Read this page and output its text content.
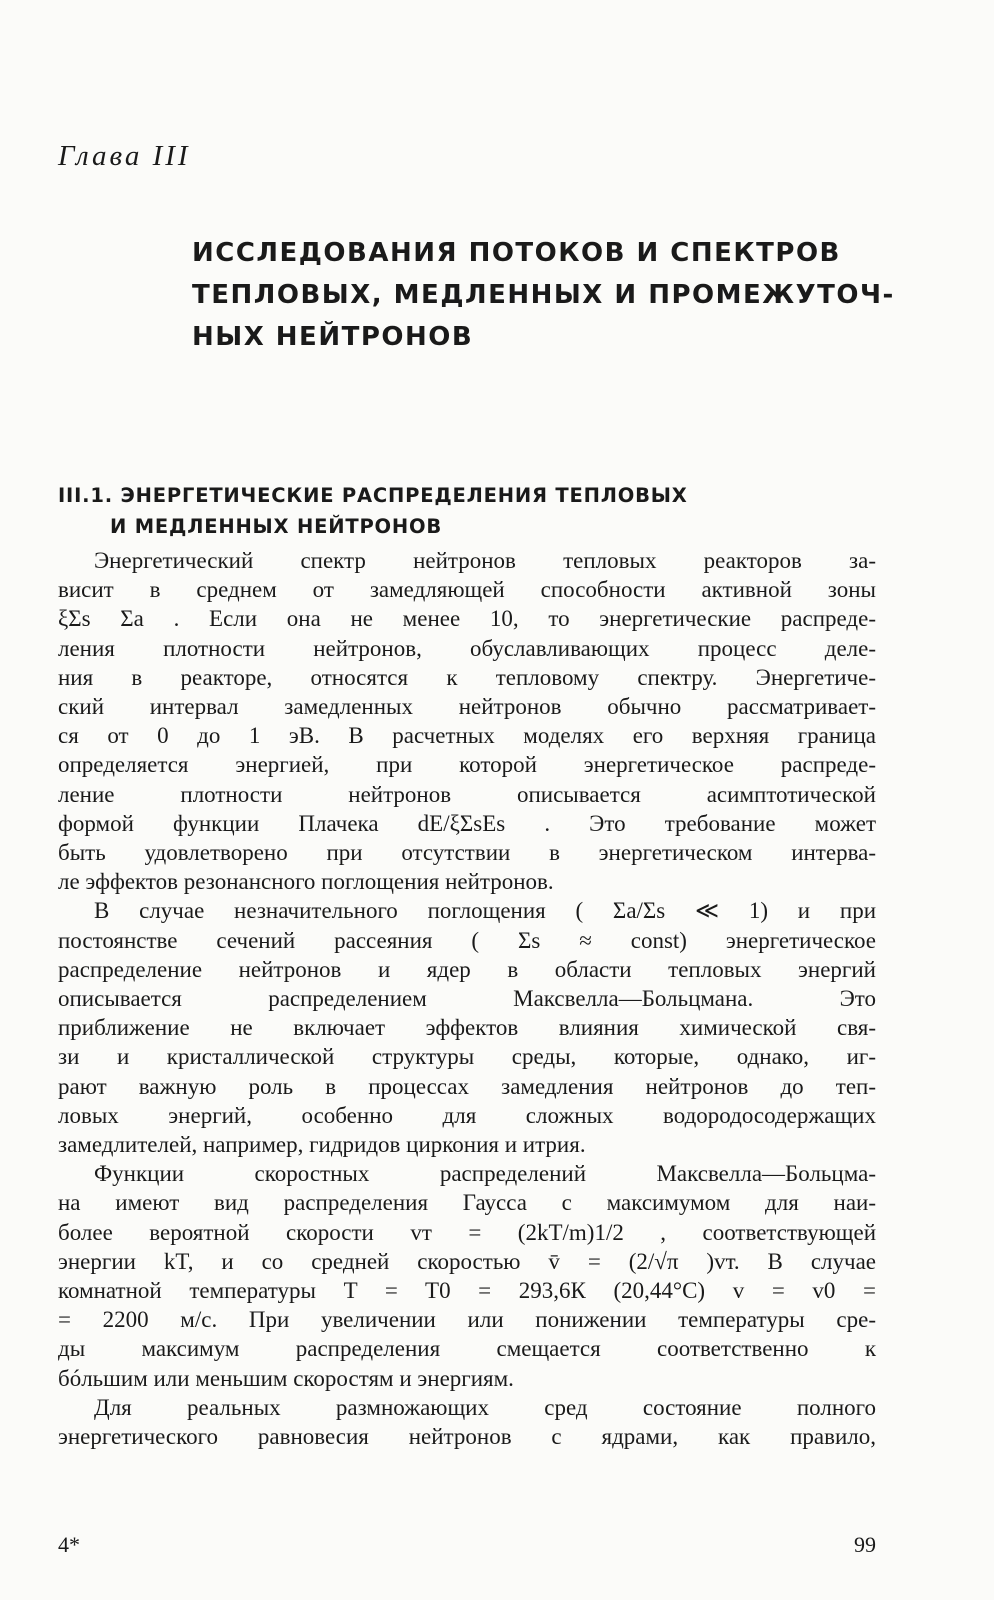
Глава III
ИССЛЕДОВАНИЯ ПОТОКОВ И СПЕКТРОВ
ТЕПЛОВЫХ, МЕДЛЕННЫХ И ПРОМЕЖУТОЧ-
НЫХ НЕЙТРОНОВ
III.1. ЭНЕРГЕТИЧЕСКИЕ РАСПРЕДЕЛЕНИЯ ТЕПЛОВЫХ
И МЕДЛЕННЫХ НЕЙТРОНОВ

Энергетический спектр нейтронов тепловых реакторов за-
висит в среднем от замедляющей способности активной зоны
ξΣs Σa . Если она не менее 10, то энергетические распреде-
ления плотности нейтронов, обуславливающих процесс деле-
ния в реакторе, относятся к тепловому спектру. Энергетиче-
ский интервал замедленных нейтронов обычно рассматривает-
ся от 0 до 1 эВ. В расчетных моделях его верхняя граница
определяется энергией, при которой энергетическое распреде-
ление плотности нейтронов описывается асимптотической
формой функции Плачека dE/ξΣsEs . Это требование может
быть удовлетворено при отсутствии в энергетическом интерва-
ле эффектов резонансного поглощения нейтронов.

В случае незначительного поглощения ( Σa/Σs ≪ 1) и при
постоянстве сечений рассеяния ( Σs ≈ const) энергетическое
распределение нейтронов и ядер в области тепловых энергий
описывается распределением Максвелла—Больцмана. Это
приближение не включает эффектов влияния химической свя-
зи и кристаллической структуры среды, которые, однако, иг-
рают важную роль в процессах замедления нейтронов до теп-
ловых энергий, особенно для сложных водородосодержащих
замедлителей, например, гидридов циркония и итрия.

Функции скоростных распределений Максвелла—Больцма-
на имеют вид распределения Гаусса с максимумом для наи-
более вероятной скорости vт = (2kT/m)1/2 , соответствующей
энергии kT, и со средней скоростью v̄ = (2/√π )vт. В случае
комнатной температуры T = T0 = 293,6К (20,44°С) v = v0 =
= 2200 м/с. При увеличении или понижении температуры сре-
ды максимум распределения смещается соответственно к
бóльшим или меньшим скоростям и энергиям.

Для реальных размножающих сред состояние полного
энергетического равновесия нейтронов с ядрами, как правило,

4*	99
